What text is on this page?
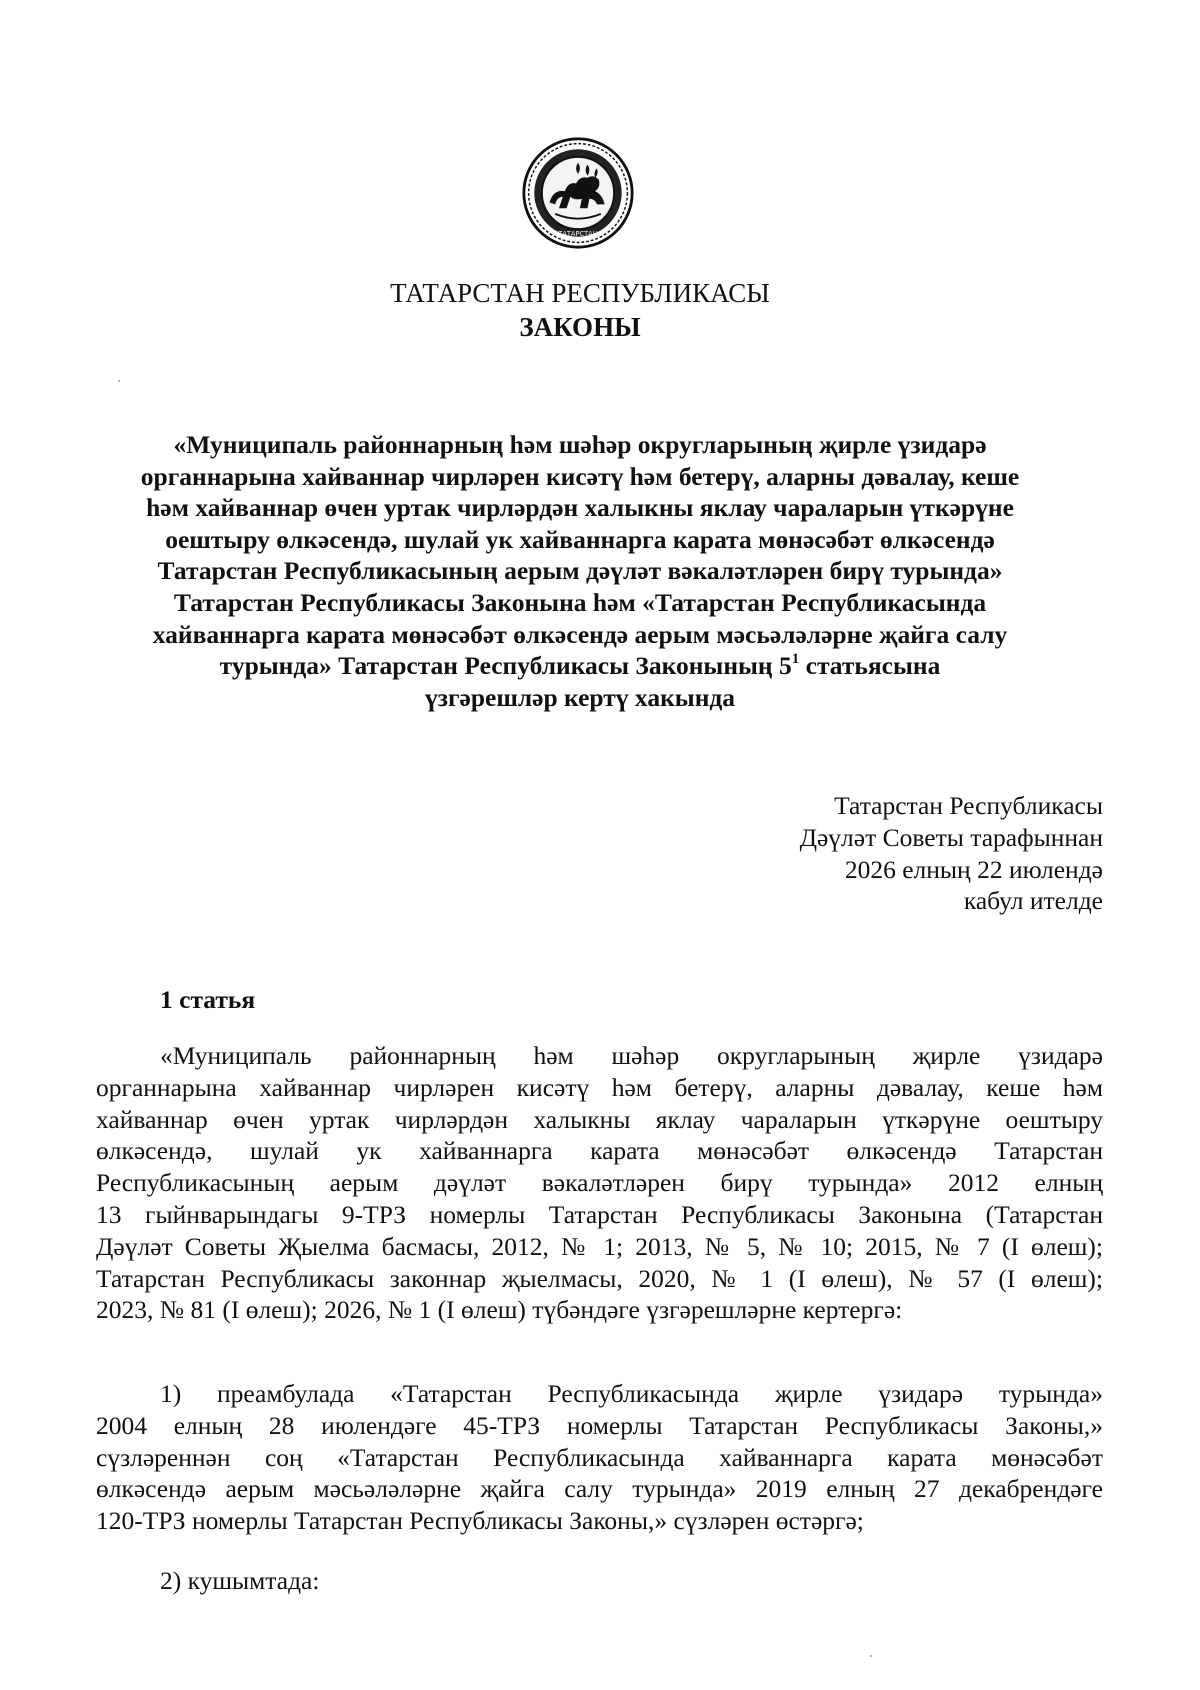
ТАТАРСТАН
ТАТАРСТАН РЕСПУБЛИКАСЫ
ЗАКОНЫ
«Муниципаль районнарның һәм шәһәр округларының җирле үзидарә
органнарына хайваннар чирләрен кисәтү һәм бетерү, аларны дәвалау, кеше
һәм хайваннар өчен уртак чирләрдән халыкны яклау чараларын үткәрүне
оештыру өлкәсендә, шулай ук хайваннарга карата мөнәсәбәт өлкәсендә
Татарстан Республикасының аерым дәүләт вәкаләтләрен бирү турында»
Татарстан Республикасы Законына һәм «Татарстан Республикасында
хайваннарга карата мөнәсәбәт өлкәсендә аерым мәсьәләләрне җайга салу
турында» Татарстан Республикасы Законының $5^1$ статьясына
үзгәрешләр кертү хакында
Татарстан Республикасы
Дәүләт Советы тарафыннан
2026 елның 22 июлендә
кабул ителде
1 статья
«Муниципаль районнарның һәм шәһәр округларының җирле үзидарә
органнарына хайваннар чирләрен кисәтү һәм бетерү, аларны дәвалау, кеше һәм
хайваннар өчен уртак чирләрдән халыкны яклау чараларын үткәрүне оештыру
өлкәсендә, шулай ук хайваннарга карата мөнәсәбәт өлкәсендә Татарстан
Республикасының аерым дәүләт вәкаләтләрен бирү турында» 2012 елның
13 гыйнварындагы 9-ТРЗ номерлы Татарстан Республикасы Законына (Татарстан
Дәүләт Советы Җыелма басмасы, 2012, № 1; 2013, № 5, № 10; 2015, № 7 (I өлеш);
Татарстан Республикасы законнар җыелмасы, 2020, № 1 (I өлеш), № 57 (I өлеш);
2023, № 81 (I өлеш); 2026, № 1 (I өлеш) түбәндәге үзгәрешләрне кертергә:
1) преамбулада «Татарстан Республикасында җирле үзидарә турында»
2004 елның 28 июлендәге 45-ТРЗ номерлы Татарстан Республикасы Законы,»
сүзләреннән соң «Татарстан Республикасында хайваннарга карата мөнәсәбәт
өлкәсендә аерым мәсьәләләрне җайга салу турында» 2019 елның 27 декабрендәге
120-ТРЗ номерлы Татарстан Республикасы Законы,» сүзләрен өстәргә;
2) кушымтада:
